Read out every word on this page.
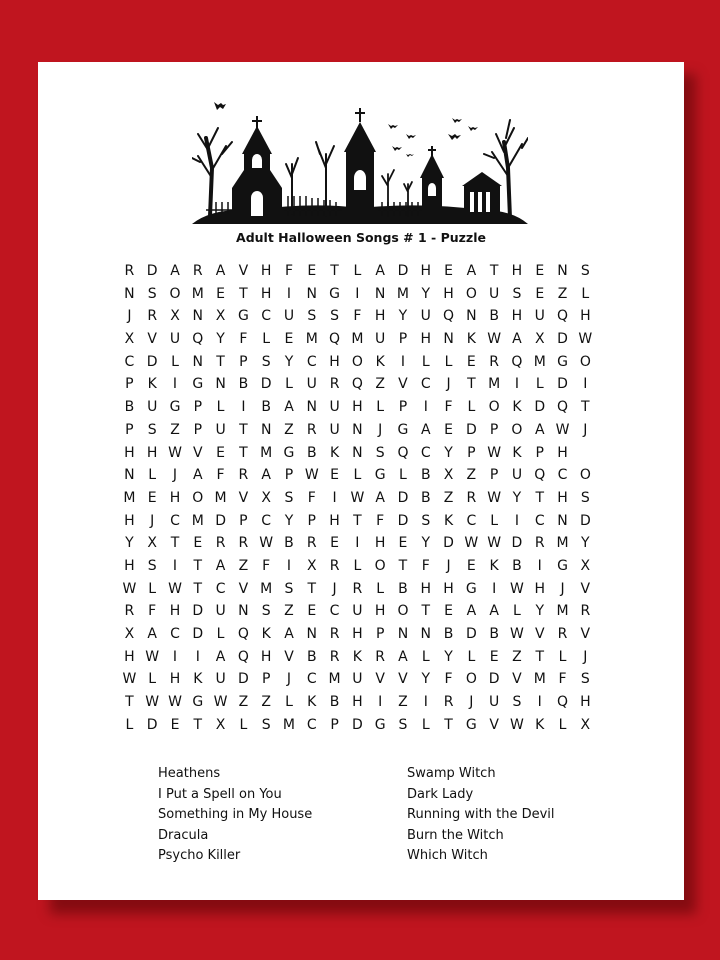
Adult Halloween Songs # 1 - Puzzle
R D A R A V H F	E	T	L	A D H E A T H E N S
N S O M E	T H	I	N G	I	N M Y H O U S E Z	L
J	R X N X G C U S S	F H Y U Q N B H U Q H
X V U Q Y	F	L	E M Q M U P H N K W A X D W
C D L N T	P	S	Y C H O K	I	L	L	E R Q M G O
P K	I	G N B D L U R Q Z V C	J	T M	I	L D	I
B U G P	L	I	B A N U H L	P	I	F	L O K D Q T
P	S Z P U T N Z R U N	J	G A E D P O A W J
H H W V E	T M G B K N S Q C Y	P W K P H
N L	J	A F R A P W E	L G L	B X Z P U Q C O
M E H O M V X S	F	I W A D B Z R W Y	T H S
H	J	C M D P C Y	P H T	F D S K C	L	I	C N D
Y X T	E R R W B R E	I	H E	Y D W W D R M Y
H S	I	T A Z F	I	X R	L O T	F	J	E K B	I	G X
W L W T C V M S	T	J	R	L	B H H G	I W H	J	V
R F H D U N S Z E C U H O T	E A A	L	Y M R
X A C D L Q K A N R H P N N B D B W V R V
H W I	I	A Q H V B R K R A	L	Y	L	E Z T	L	J
W L H K U D P	J	C M U V V Y	F O D V M F	S
T W W G W Z Z	L	K B H	I	Z	I	R	J	U S	I	Q H
L D E	T X	L	S M C P D G S	L	T G V W K	L	X
Heathens
I Put a Spell on You
Something in My House
Dracula
Psycho Killer
Swamp Witch
Dark Lady
Running with the Devil
Burn the Witch
Which Witch
